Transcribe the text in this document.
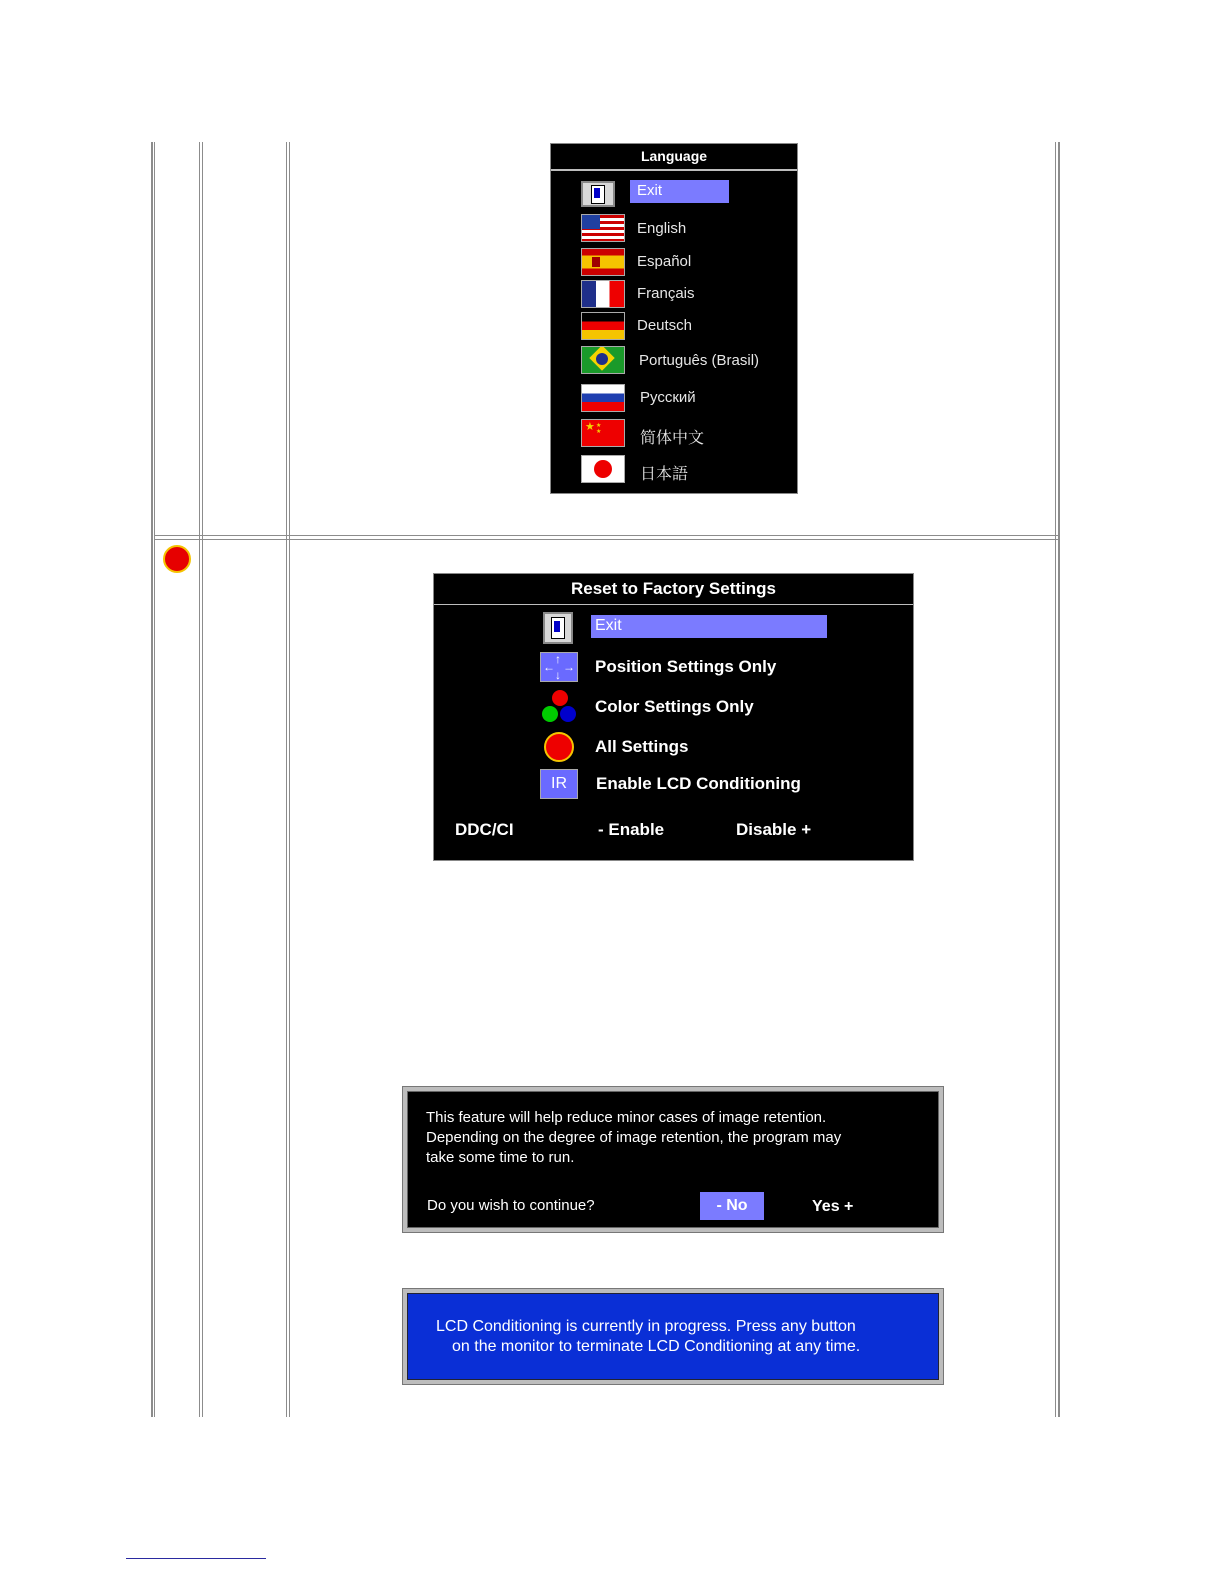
Language
Exit
English
Español
Français
Deutsch
Português (Brasil)
Русский
★ ★
★ 简体中文
日本語
Reset to Factory Settings
Exit
↑
← →
↓ Position Settings Only
Color Settings Only
All Settings
IR	Enable LCD Conditioning
DDC/CI	- Enable	Disable +
This feature will help reduce minor cases of image retention.
Depending on the degree of image retention, the program may
take some time to run.
Do you wish to continue?	- No	Yes +
LCD Conditioning is currently in progress. Press any button
on the monitor to terminate LCD Conditioning at any time.
